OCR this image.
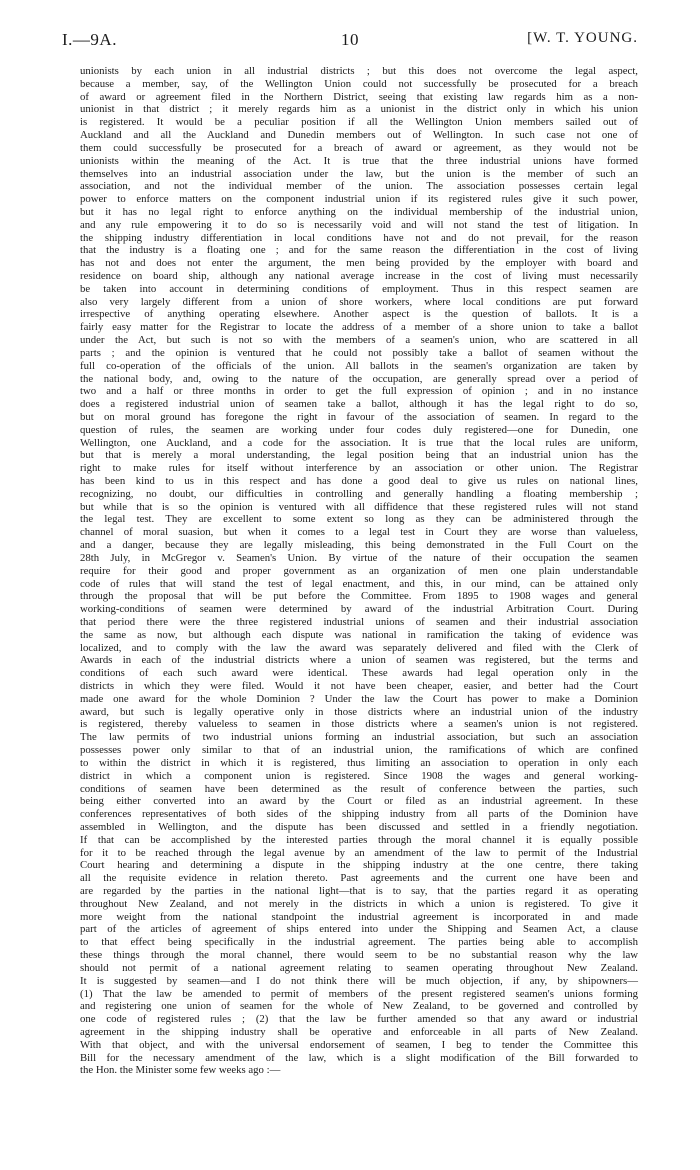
I.—9A.	10	[W. T. YOUNG.
unionists by each union in all industrial districts ; but this does not overcome the legal aspect,
because a member, say, of the Wellington Union could not successfully be prosecuted for a breach
of award or agreement filed in the Northern District, seeing that existing law regards him as a non-
unionist in that district ; it merely regards him as a unionist in the district only in which his union
is registered. It would be a peculiar position if all the Wellington Union members sailed out of
Auckland and all the Auckland and Dunedin members out of Wellington. In such case not one of
them could successfully be prosecuted for a breach of award or agreement, as they would not be
unionists within the meaning of the Act. It is true that the three industrial unions have formed
themselves into an industrial association under the law, but the union is the member of such an
association, and not the individual member of the union. The association possesses certain legal
power to enforce matters on the component industrial union if its registered rules give it such power,
but it has no legal right to enforce anything on the individual membership of the industrial union,
and any rule empowering it to do so is necessarily void and will not stand the test of litigation. In
the shipping industry differentiation in local conditions have not and do not prevail, for the reason
that the industry is a floating one ; and for the same reason the differentiation in the cost of living
has not and does not enter the argument, the men being provided by the employer with board and
residence on board ship, although any national average increase in the cost of living must necessarily
be taken into account in determining conditions of employment. Thus in this respect seamen are
also very largely different from a union of shore workers, where local conditions are put forward
irrespective of anything operating elsewhere. Another aspect is the question of ballots. It is a
fairly easy matter for the Registrar to locate the address of a member of a shore union to take a ballot
under the Act, but such is not so with the members of a seamen's union, who are scattered in all
parts ; and the opinion is ventured that he could not possibly take a ballot of seamen without the
full co-operation of the officials of the union. All ballots in the seamen's organization are taken by
the national body, and, owing to the nature of the occupation, are generally spread over a period of
two and a half or three months in order to get the full expression of opinion ; and in no instance
does a registered industrial union of seamen take a ballot, although it has the legal right to do so,
but on moral ground has foregone the right in favour of the association of seamen. In regard to the
question of rules, the seamen are working under four codes duly registered—one for Dunedin, one
Wellington, one Auckland, and a code for the association. It is true that the local rules are uniform,
but that is merely a moral understanding, the legal position being that an industrial union has the
right to make rules for itself without interference by an association or other union. The Registrar
has been kind to us in this respect and has done a good deal to give us rules on national lines,
recognizing, no doubt, our difficulties in controlling and generally handling a floating membership ;
but while that is so the opinion is ventured with all diffidence that these registered rules will not stand
the legal test. They are excellent to some extent so long as they can be administered through the
channel of moral suasion, but when it comes to a legal test in Court they are worse than valueless,
and a danger, because they are legally misleading, this being demonstrated in the Full Court on the
28th July, in McGregor v. Seamen's Union. By virtue of the nature of their occupation the seamen
require for their good and proper government as an organization of men one plain understandable
code of rules that will stand the test of legal enactment, and this, in our mind, can be attained only
through the proposal that will be put before the Committee. From 1895 to 1908 wages and general
working-conditions of seamen were determined by award of the industrial Arbitration Court. During
that period there were the three registered industrial unions of seamen and their industrial association
the same as now, but although each dispute was national in ramification the taking of evidence was
localized, and to comply with the law the award was separately delivered and filed with the Clerk of
Awards in each of the industrial districts where a union of seamen was registered, but the terms and
conditions of each such award were identical. These awards had legal operation only in the
districts in which they were filed. Would it not have been cheaper, easier, and better had the Court
made one award for the whole Dominion ? Under the law the Court has power to make a Dominion
award, but such is legally operative only in those districts where an industrial union of the industry
is registered, thereby valueless to seamen in those districts where a seamen's union is not registered.
The law permits of two industrial unions forming an industrial association, but such an association
possesses power only similar to that of an industrial union, the ramifications of which are confined
to within the district in which it is registered, thus limiting an association to operation in only each
district in which a component union is registered. Since 1908 the wages and general working-
conditions of seamen have been determined as the result of conference between the parties, such
being either converted into an award by the Court or filed as an industrial agreement. In these
conferences representatives of both sides of the shipping industry from all parts of the Dominion have
assembled in Wellington, and the dispute has been discussed and settled in a friendly negotiation.
If that can be accomplished by the interested parties through the moral channel it is equally possible
for it to be reached through the legal avenue by an amendment of the law to permit of the Industrial
Court hearing and determining a dispute in the shipping industry at the one centre, there taking
all the requisite evidence in relation thereto. Past agreements and the current one have been and
are regarded by the parties in the national light—that is to say, that the parties regard it as operating
throughout New Zealand, and not merely in the districts in which a union is registered. To give it
more weight from the national standpoint the industrial agreement is incorporated in and made
part of the articles of agreement of ships entered into under the Shipping and Seamen Act, a clause
to that effect being specifically in the industrial agreement. The parties being able to accomplish
these things through the moral channel, there would seem to be no substantial reason why the law
should not permit of a national agreement relating to seamen operating throughout New Zealand.
It is suggested by seamen—and I do not think there will be much objection, if any, by shipowners—
(1) That the law be amended to permit of members of the present registered seamen's unions forming
and registering one union of seamen for the whole of New Zealand, to be governed and controlled by
one code of registered rules ; (2) that the law be further amended so that any award or industrial
agreement in the shipping industry shall be operative and enforceable in all parts of New Zealand.
With that object, and with the universal endorsement of seamen, I beg to tender the Committee this
Bill for the necessary amendment of the law, which is a slight modification of the Bill forwarded to
the Hon. the Minister some few weeks ago :—
